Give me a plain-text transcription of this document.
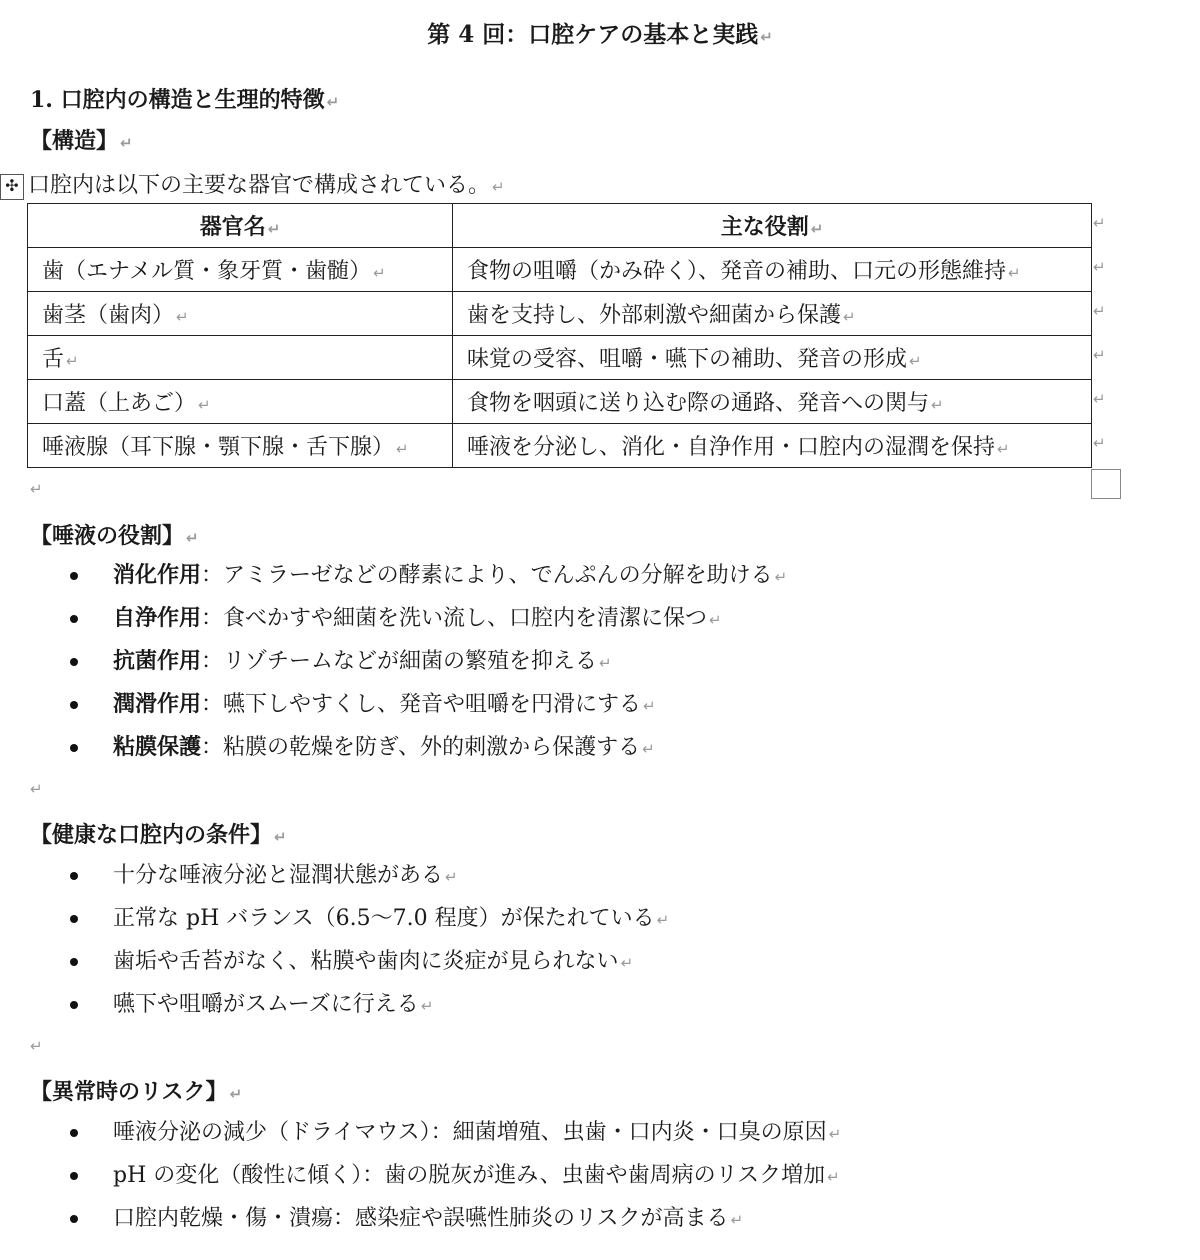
第 4 回：口腔ケアの基本と実践 ↵
1. 口腔内の構造と生理的特徴 ↵
【構造】 ↵
✣ 口腔内は以下の主要な器官で構成されている。 ↵
器官名 ↵	主な役割 ↵
歯（エナメル質・象牙質・歯髄） ↵	食物の咀嚼（かみ砕く）、発音の補助、口元の形態維持 ↵
歯茎（歯肉） ↵	歯を支持し、外部刺激や細菌から保護 ↵
舌 ↵	味覚の受容、咀嚼・嚥下の補助、発音の形成 ↵
口蓋（上あご） ↵	食物を咽頭に送り込む際の通路、発音への関与 ↵
唾液腺（耳下腺・顎下腺・舌下腺） ↵	唾液を分泌し、消化・自浄作用・口腔内の湿潤を保持 ↵
↵
↵
↵
↵
↵
↵
↵
【唾液の役割】 ↵
消化作用：アミラーゼなどの酵素により、でんぷんの分解を助ける ↵
自浄作用：食べかすや細菌を洗い流し、口腔内を清潔に保つ ↵
抗菌作用：リゾチームなどが細菌の繁殖を抑える ↵
潤滑作用：嚥下しやすくし、発音や咀嚼を円滑にする ↵
粘膜保護：粘膜の乾燥を防ぎ、外的刺激から保護する ↵
↵
【健康な口腔内の条件】 ↵
十分な唾液分泌と湿潤状態がある ↵
正常な pH バランス（6.5〜7.0 程度）が保たれている ↵
歯垢や舌苔がなく、粘膜や歯肉に炎症が見られない ↵
嚥下や咀嚼がスムーズに行える ↵
↵
【異常時のリスク】 ↵
唾液分泌の減少（ドライマウス）：細菌増殖、虫歯・口内炎・口臭の原因 ↵
pH の変化（酸性に傾く）：歯の脱灰が進み、虫歯や歯周病のリスク増加 ↵
口腔内乾燥・傷・潰瘍：感染症や誤嚥性肺炎のリスクが高まる ↵
